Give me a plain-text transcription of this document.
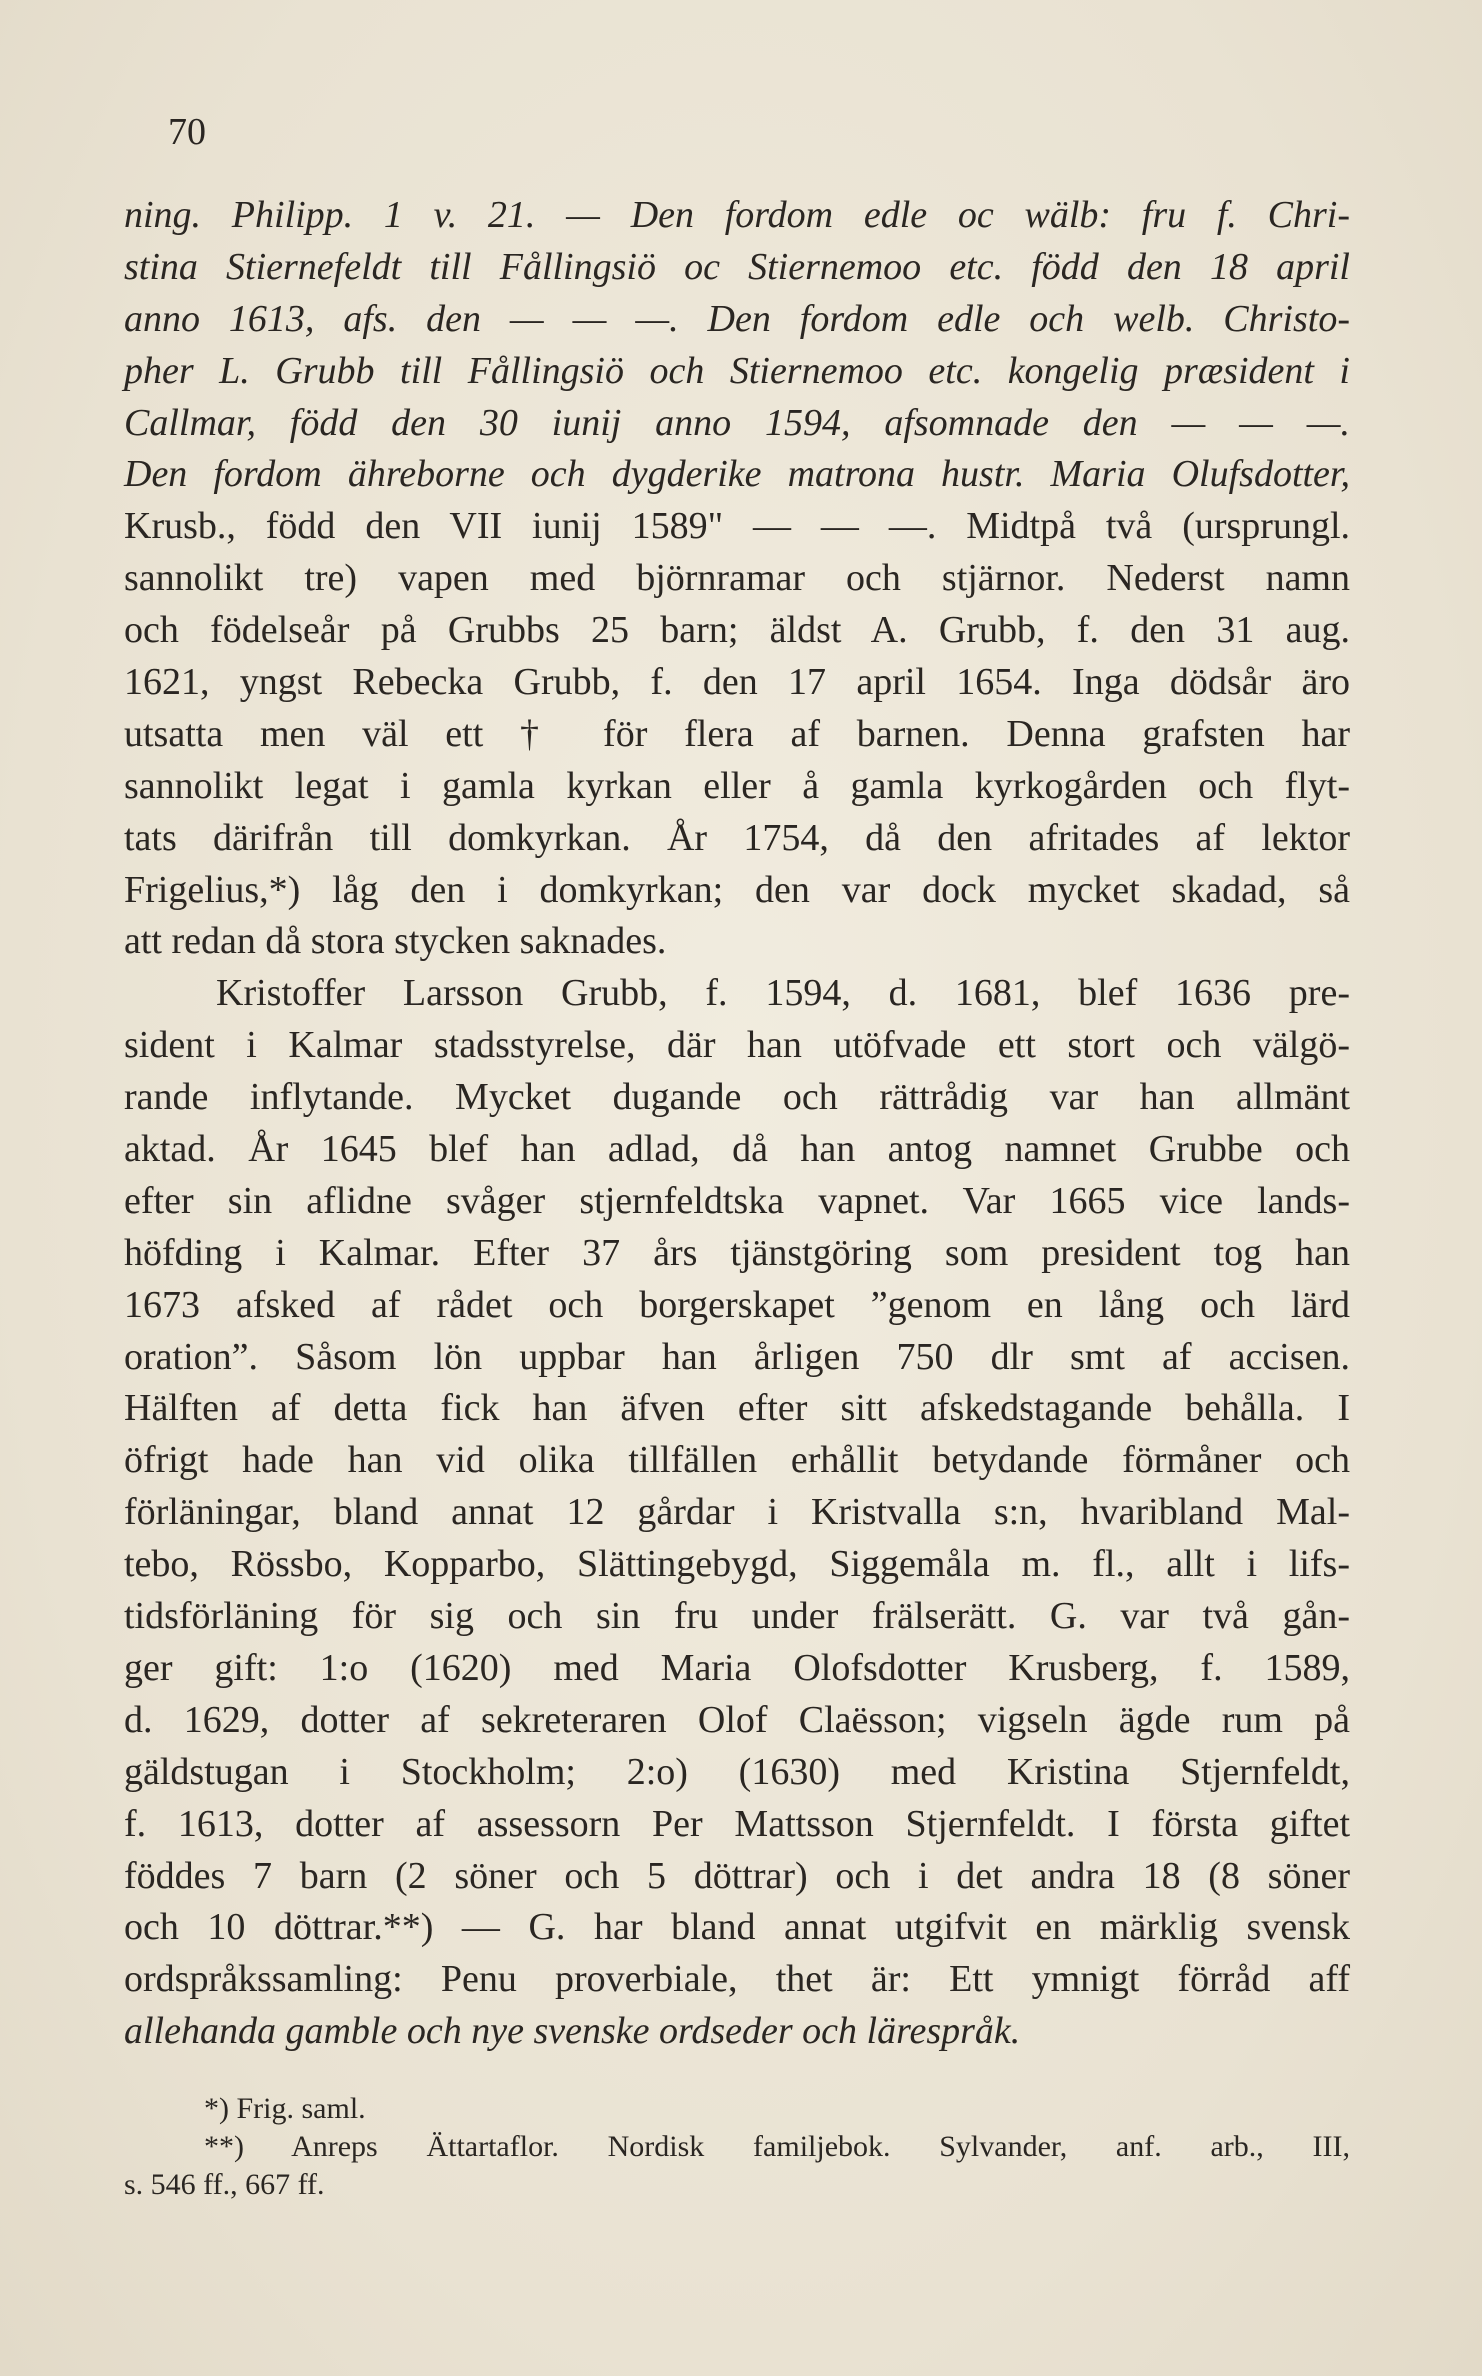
70
ning. Philipp. 1 v. 21. — Den fordom edle oc wälb: fru f. Chri-
stina Stiernefeldt till Fållingsiö oc Stiernemoo etc. född den 18 april
anno 1613, afs. den — — —. Den fordom edle och welb. Christo-
pher L. Grubb till Fållingsiö och Stiernemoo etc. kongelig præsident i
Callmar, född den 30 iunij anno 1594, afsomnade den — — —.
Den fordom ähreborne och dygderike matrona hustr. Maria Olufsdotter,
Krusb., född den VII iunij 1589" — — —. Midtpå två (ursprungl.
sannolikt tre) vapen med björnramar och stjärnor. Nederst namn
och födelseår på Grubbs 25 barn; äldst A. Grubb, f. den 31 aug.
1621, yngst Rebecka Grubb, f. den 17 april 1654. Inga dödsår äro
utsatta men väl ett † för flera af barnen. Denna grafsten har
sannolikt legat i gamla kyrkan eller å gamla kyrkogården och flyt-
tats därifrån till domkyrkan. År 1754, då den afritades af lektor
Frigelius,*) låg den i domkyrkan; den var dock mycket skadad, så
att redan då stora stycken saknades.
Kristoffer Larsson Grubb, f. 1594, d. 1681, blef 1636 pre-
sident i Kalmar stadsstyrelse, där han utöfvade ett stort och välgö-
rande inflytande. Mycket dugande och rättrådig var han allmänt
aktad. År 1645 blef han adlad, då han antog namnet Grubbe och
efter sin aflidne svåger stjernfeldtska vapnet. Var 1665 vice lands-
höfding i Kalmar. Efter 37 års tjänstgöring som president tog han
1673 afsked af rådet och borgerskapet ”genom en lång och lärd
oration”. Såsom lön uppbar han årligen 750 dlr smt af accisen.
Hälften af detta fick han äfven efter sitt afskedstagande behålla. I
öfrigt hade han vid olika tillfällen erhållit betydande förmåner och
förläningar, bland annat 12 gårdar i Kristvalla s:n, hvaribland Mal-
tebo, Rössbo, Kopparbo, Slättingebygd, Siggemåla m. fl., allt i lifs-
tidsförläning för sig och sin fru under frälserätt. G. var två gån-
ger gift: 1:o (1620) med Maria Olofsdotter Krusberg, f. 1589,
d. 1629, dotter af sekreteraren Olof Claësson; vigseln ägde rum på
gäldstugan i Stockholm; 2:o) (1630) med Kristina Stjernfeldt,
f. 1613, dotter af assessorn Per Mattsson Stjernfeldt. I första giftet
föddes 7 barn (2 söner och 5 döttrar) och i det andra 18 (8 söner
och 10 döttrar.**) — G. har bland annat utgifvit en märklig svensk
ordspråkssamling: Penu proverbiale, thet är: Ett ymnigt förråd aff
allehanda gamble och nye svenske ordseder och lärespråk.
*) Frig. saml.
**) Anreps Ättartaflor. Nordisk familjebok. Sylvander, anf. arb., III,
s. 546 ff., 667 ff.
